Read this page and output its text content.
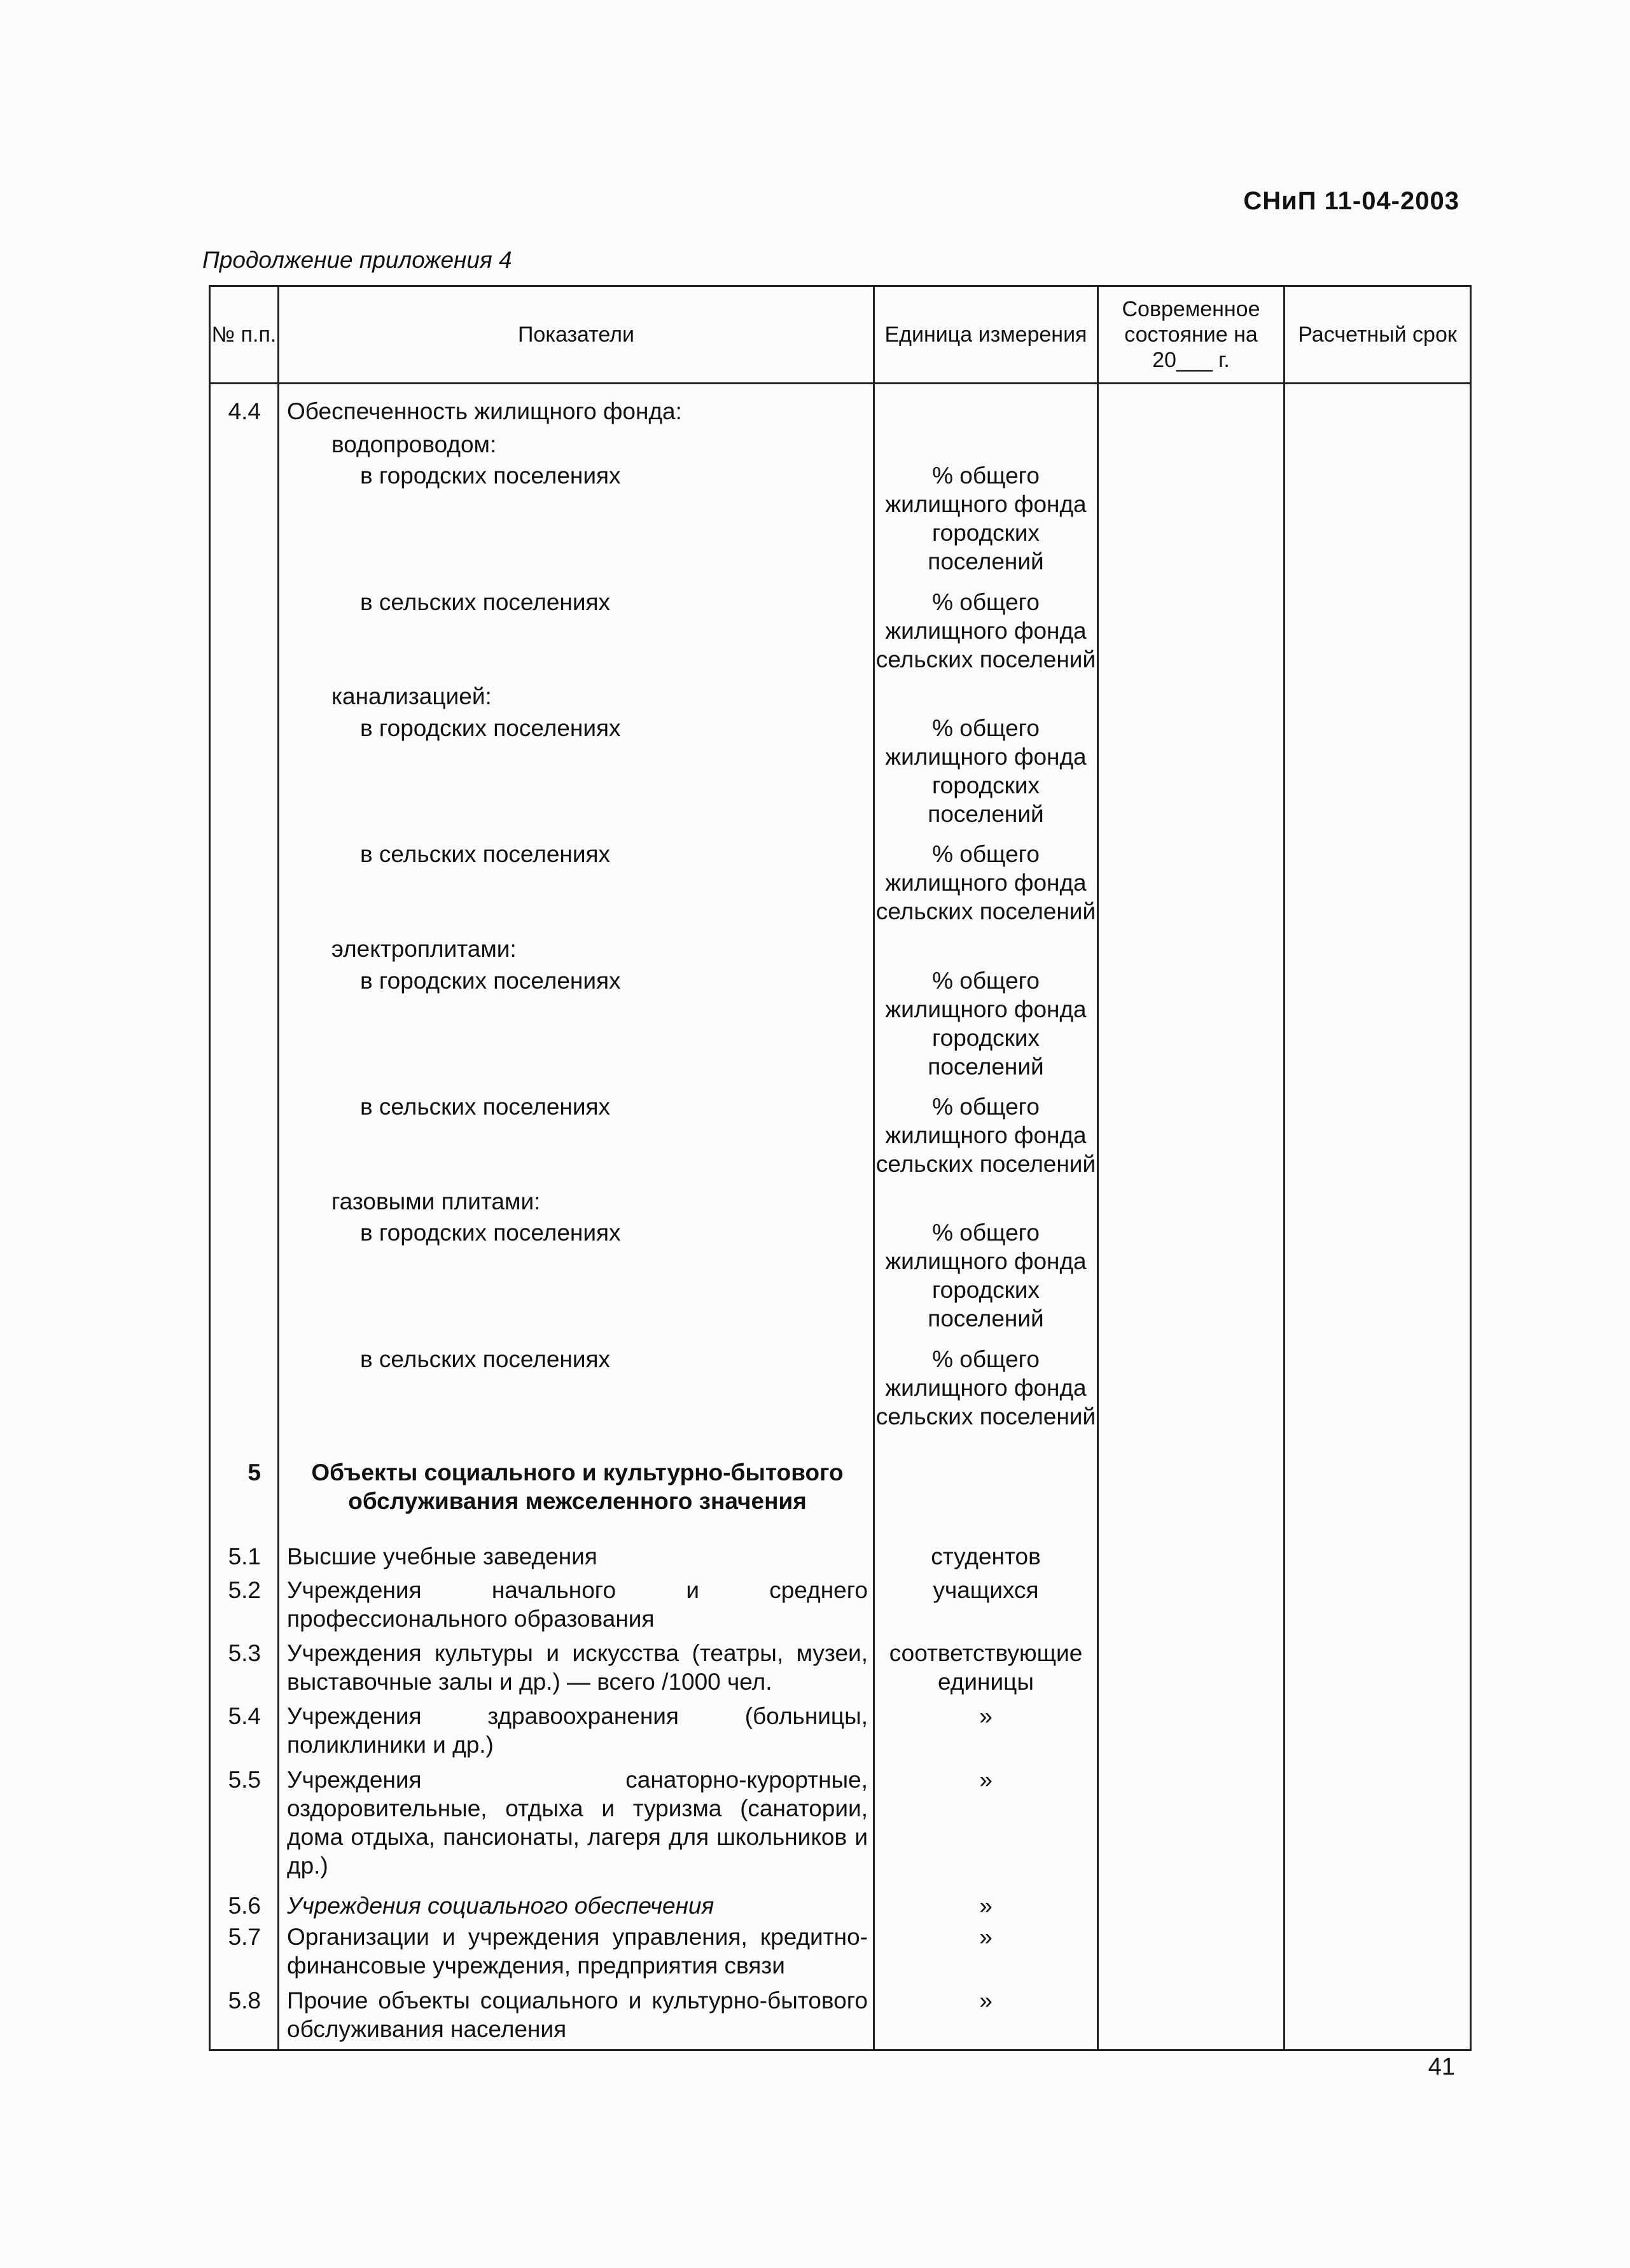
СНиП 11-04-2003
Продолжение приложения 4
№ п.п.	Показатели	Единица измерения	Современное состояние на 20___ г.	Расчетный срок
4.4	Обеспеченность жилищного фонда:			

	водопроводом:			

	в городских поселениях	% общего жилищного фонда городских поселений		

	в сельских поселениях	% общего жилищного фонда сельских поселений		

	канализацией:			

	в городских поселениях	% общего жилищного фонда городских поселений		

	в сельских поселениях	% общего жилищного фонда сельских поселений		

	электроплитами:			

	в городских поселениях	% общего жилищного фонда городских поселений		

	в сельских поселениях	% общего жилищного фонда сельских поселений		

	газовыми плитами:			

	в городских поселениях	% общего жилищного фонда городских поселений		

	в сельских поселениях	% общего жилищного фонда сельских поселений		
5	Объекты социального и культурно-бытового обслуживания межселенного значения			

5.1	Высшие учебные заведения	студентов		
5.2	Учреждения начального и среднего профессионального образования	учащихся		
5.3	Учреждения культуры и искусства (театры, музеи, выставочные залы и др.) — всего /1000 чел.	соответствующие единицы		
5.4	Учреждения здравоохранения (больницы, поликлиники и др.)	»		
5.5	Учреждения санаторно-курортные, оздоровительные, отдыха и туризма (санатории, дома отдыха, пансионаты, лагеря для школьников и др.)	»		
5.6	Учреждения социального обеспечения	»		
5.7	Организации и учреждения управления, кредитно-финансовые учреждения, предприятия связи	»		
5.8	Прочие объекты социального и культурно-бытового обслуживания населения	»		

41
